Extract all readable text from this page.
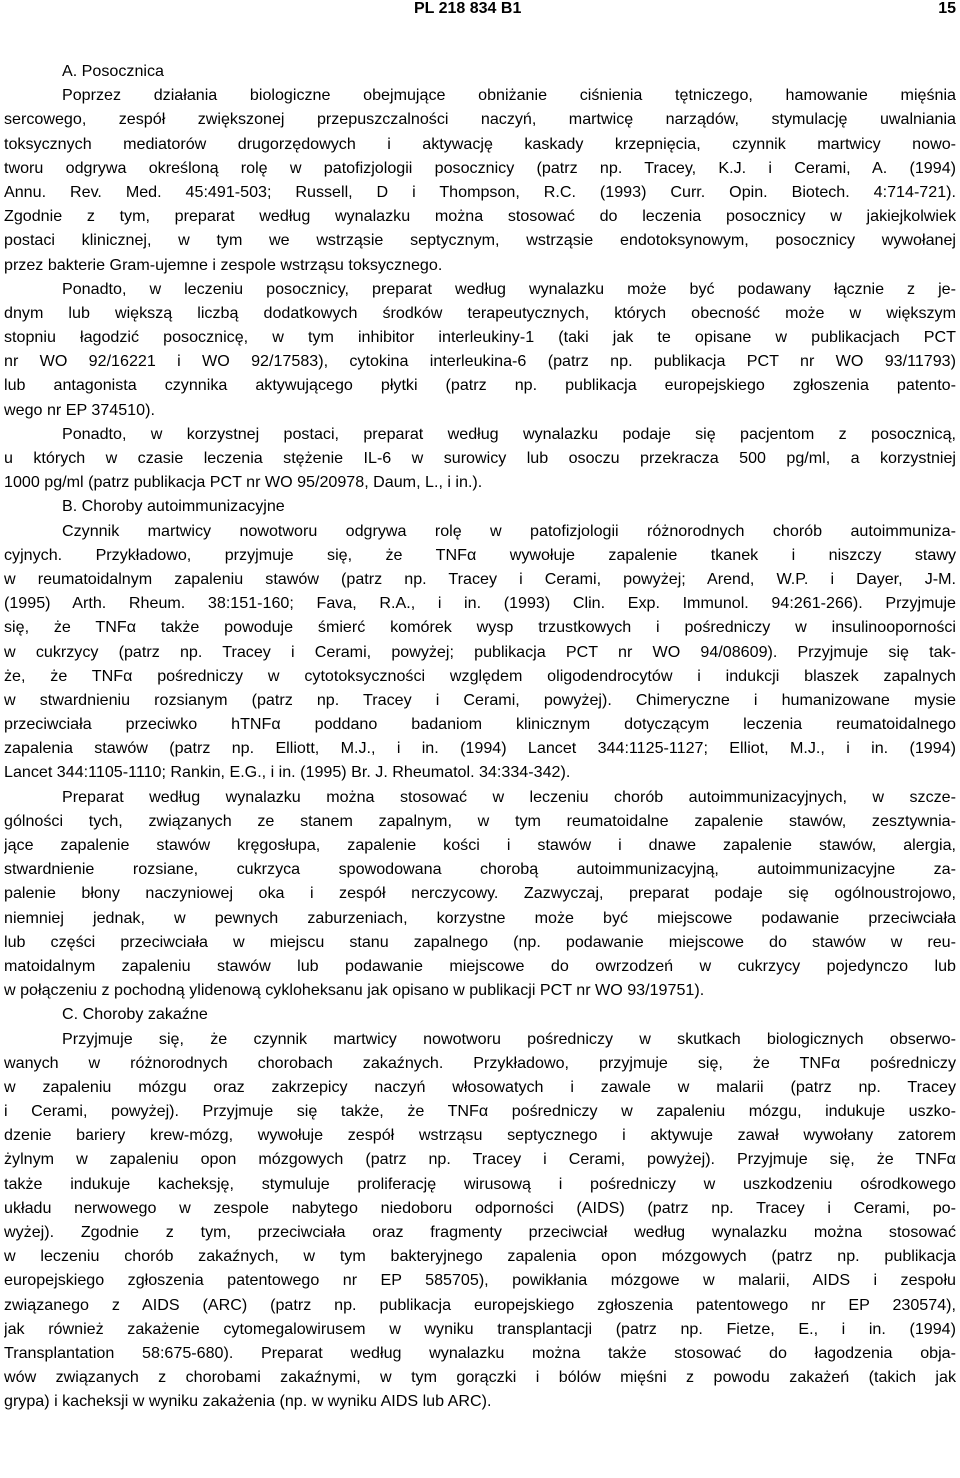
PL 218 834 B1	15
A. Posocznica
Poprzez działania biologiczne obejmujące obniżanie ciśnienia tętniczego, hamowanie mięśnia
sercowego, zespół zwiększonej przepuszczalności naczyń, martwicę narządów, stymulację uwalniania
toksycznych mediatorów drugorzędowych i aktywację kaskady krzepnięcia, czynnik martwicy nowo-
tworu odgrywa określoną rolę w patofizjologii posocznicy (patrz np. Tracey, K.J. i Cerami, A. (1994)
Annu. Rev. Med. 45:491-503; Russell, D i Thompson, R.C. (1993) Curr. Opin. Biotech. 4:714-721).
Zgodnie z tym, preparat według wynalazku można stosować do leczenia posocznicy w jakiejkolwiek
postaci klinicznej, w tym we wstrząsie septycznym, wstrząsie endotoksynowym, posocznicy wywołanej
przez bakterie Gram-ujemne i zespole wstrząsu toksycznego.
Ponadto, w leczeniu posocznicy, preparat według wynalazku może być podawany łącznie z je-
dnym lub większą liczbą dodatkowych środków terapeutycznych, których obecność może w większym
stopniu łagodzić posocznicę, w tym inhibitor interleukiny-1 (taki jak te opisane w publikacjach PCT
nr WO 92/16221 i WO 92/17583), cytokina interleukina-6 (patrz np. publikacja PCT nr WO 93/11793)
lub antagonista czynnika aktywującego płytki (patrz np. publikacja europejskiego zgłoszenia patento-
wego nr EP 374510).
Ponadto, w korzystnej postaci, preparat według wynalazku podaje się pacjentom z posocznicą,
u których w czasie leczenia stężenie IL-6 w surowicy lub osoczu przekracza 500 pg/ml, a korzystniej
1000 pg/ml (patrz publikacja PCT nr WO 95/20978, Daum, L., i in.).
B. Choroby autoimmunizacyjne
Czynnik martwicy nowotworu odgrywa rolę w patofizjologii różnorodnych chorób autoimmuniza-
cyjnych. Przykładowo, przyjmuje się, że TNFα wywołuje zapalenie tkanek i niszczy stawy
w reumatoidalnym zapaleniu stawów (patrz np. Tracey i Cerami, powyżej; Arend, W.P. i Dayer, J-M.
(1995) Arth. Rheum. 38:151-160; Fava, R.A., i in. (1993) Clin. Exp. Immunol. 94:261-266). Przyjmuje
się, że TNFα także powoduje śmierć komórek wysp trzustkowych i pośredniczy w insulinooporności
w cukrzycy (patrz np. Tracey i Cerami, powyżej; publikacja PCT nr WO 94/08609). Przyjmuje się tak-
że, że TNFα pośredniczy w cytotoksyczności względem oligodendrocytów i indukcji blaszek zapalnych
w stwardnieniu rozsianym (patrz np. Tracey i Cerami, powyżej). Chimeryczne i humanizowane mysie
przeciwciała przeciwko hTNFα poddano badaniom klinicznym dotyczącym leczenia reumatoidalnego
zapalenia stawów (patrz np. Elliott, M.J., i in. (1994) Lancet 344:1125-1127; Elliot, M.J., i in. (1994)
Lancet 344:1105-1110; Rankin, E.G., i in. (1995) Br. J. Rheumatol. 34:334-342).
Preparat według wynalazku można stosować w leczeniu chorób autoimmunizacyjnych, w szcze-
gólności tych, związanych ze stanem zapalnym, w tym reumatoidalne zapalenie stawów, zesztywnia-
jące zapalenie stawów kręgosłupa, zapalenie kości i stawów i dnawe zapalenie stawów, alergia,
stwardnienie rozsiane, cukrzyca spowodowana chorobą autoimmunizacyjną, autoimmunizacyjne za-
palenie błony naczyniowej oka i zespół nerczycowy. Zazwyczaj, preparat podaje się ogólnoustrojowo,
niemniej jednak, w pewnych zaburzeniach, korzystne może być miejscowe podawanie przeciwciała
lub części przeciwciała w miejscu stanu zapalnego (np. podawanie miejscowe do stawów w reu-
matoidalnym zapaleniu stawów lub podawanie miejscowe do owrzodzeń w cukrzycy pojedynczo lub
w połączeniu z pochodną ylidenową cykloheksanu jak opisano w publikacji PCT nr WO 93/19751).
C. Choroby zakaźne
Przyjmuje się, że czynnik martwicy nowotworu pośredniczy w skutkach biologicznych obserwo-
wanych w różnorodnych chorobach zakaźnych. Przykładowo, przyjmuje się, że TNFα pośredniczy
w zapaleniu mózgu oraz zakrzepicy naczyń włosowatych i zawale w malarii (patrz np. Tracey
i Cerami, powyżej). Przyjmuje się także, że TNFα pośredniczy w zapaleniu mózgu, indukuje uszko-
dzenie bariery krew-mózg, wywołuje zespół wstrząsu septycznego i aktywuje zawał wywołany zatorem
żylnym w zapaleniu opon mózgowych (patrz np. Tracey i Cerami, powyżej). Przyjmuje się, że TNFα
także indukuje kacheksję, stymuluje proliferację wirusową i pośredniczy w uszkodzeniu ośrodkowego
układu nerwowego w zespole nabytego niedoboru odporności (AIDS) (patrz np. Tracey i Cerami, po-
wyżej). Zgodnie z tym, przeciwciała oraz fragmenty przeciwciał według wynalazku można stosować
w leczeniu chorób zakaźnych, w tym bakteryjnego zapalenia opon mózgowych (patrz np. publikacja
europejskiego zgłoszenia patentowego nr EP 585705), powikłania mózgowe w malarii, AIDS i zespołu
związanego z AIDS (ARC) (patrz np. publikacja europejskiego zgłoszenia patentowego nr EP 230574),
jak również zakażenie cytomegalowirusem w wyniku transplantacji (patrz np. Fietze, E., i in. (1994)
Transplantation 58:675-680). Preparat według wynalazku można także stosować do łagodzenia obja-
wów związanych z chorobami zakaźnymi, w tym gorączki i bólów mięśni z powodu zakażeń (takich jak
grypa) i kacheksji w wyniku zakażenia (np. w wyniku AIDS lub ARC).
